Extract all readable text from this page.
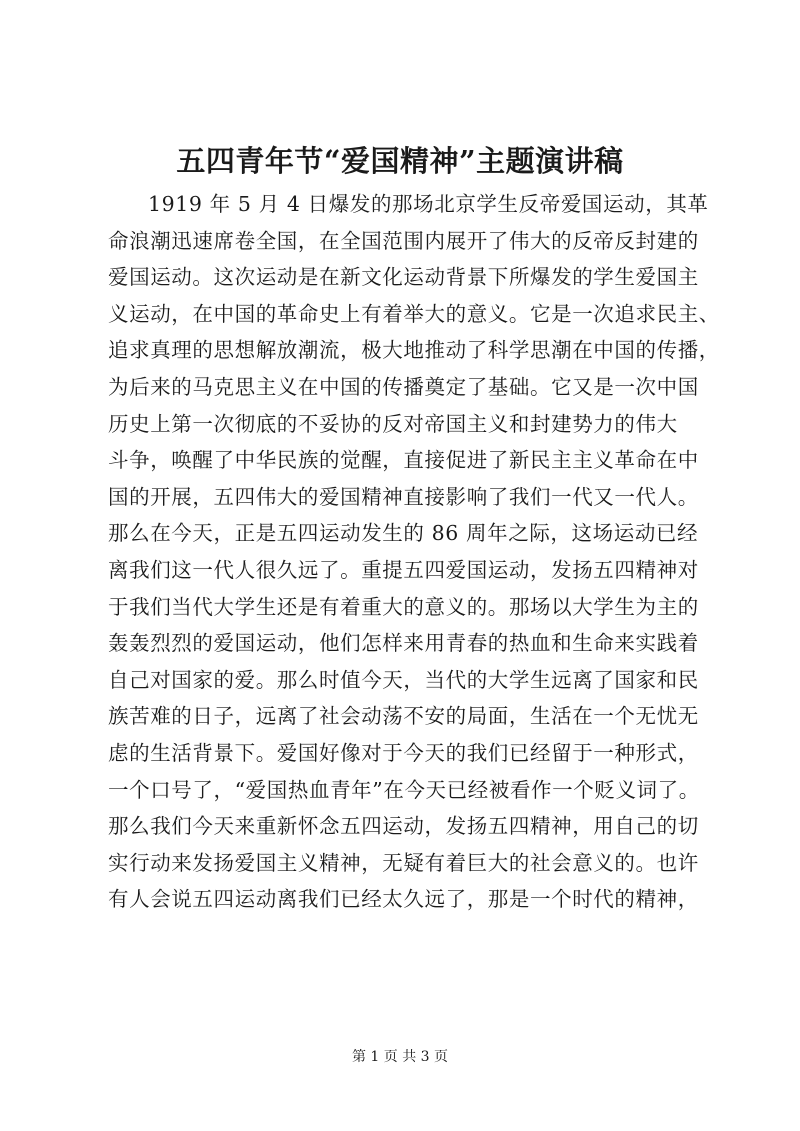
五四青年节“爱国精神”主题演讲稿
1919 年 5 月 4 日爆发的那场北京学生反帝爱国运动，其革
命浪潮迅速席卷全国，在全国范围内展开了伟大的反帝反封建的
爱国运动。这次运动是在新文化运动背景下所爆发的学生爱国主
义运动，在中国的革命史上有着举大的意义。它是一次追求民主、
追求真理的思想解放潮流，极大地推动了科学思潮在中国的传播，
为后来的马克思主义在中国的传播奠定了基础。它又是一次中国
历史上第一次彻底的不妥协的反对帝国主义和封建势力的伟大
斗争，唤醒了中华民族的觉醒，直接促进了新民主主义革命在中
国的开展，五四伟大的爱国精神直接影响了我们一代又一代人。
那么在今天，正是五四运动发生的 86 周年之际，这场运动已经
离我们这一代人很久远了。重提五四爱国运动，发扬五四精神对
于我们当代大学生还是有着重大的意义的。那场以大学生为主的
轰轰烈烈的爱国运动，他们怎样来用青春的热血和生命来实践着
自己对国家的爱。那么时值今天，当代的大学生远离了国家和民
族苦难的日子，远离了社会动荡不安的局面，生活在一个无忧无
虑的生活背景下。爱国好像对于今天的我们已经留于一种形式，
一个口号了，“爱国热血青年”在今天已经被看作一个贬义词了。
那么我们今天来重新怀念五四运动，发扬五四精神，用自己的切
实行动来发扬爱国主义精神，无疑有着巨大的社会意义的。也许
有人会说五四运动离我们已经太久远了，那是一个时代的精神，
第 1 页 共 3 页
